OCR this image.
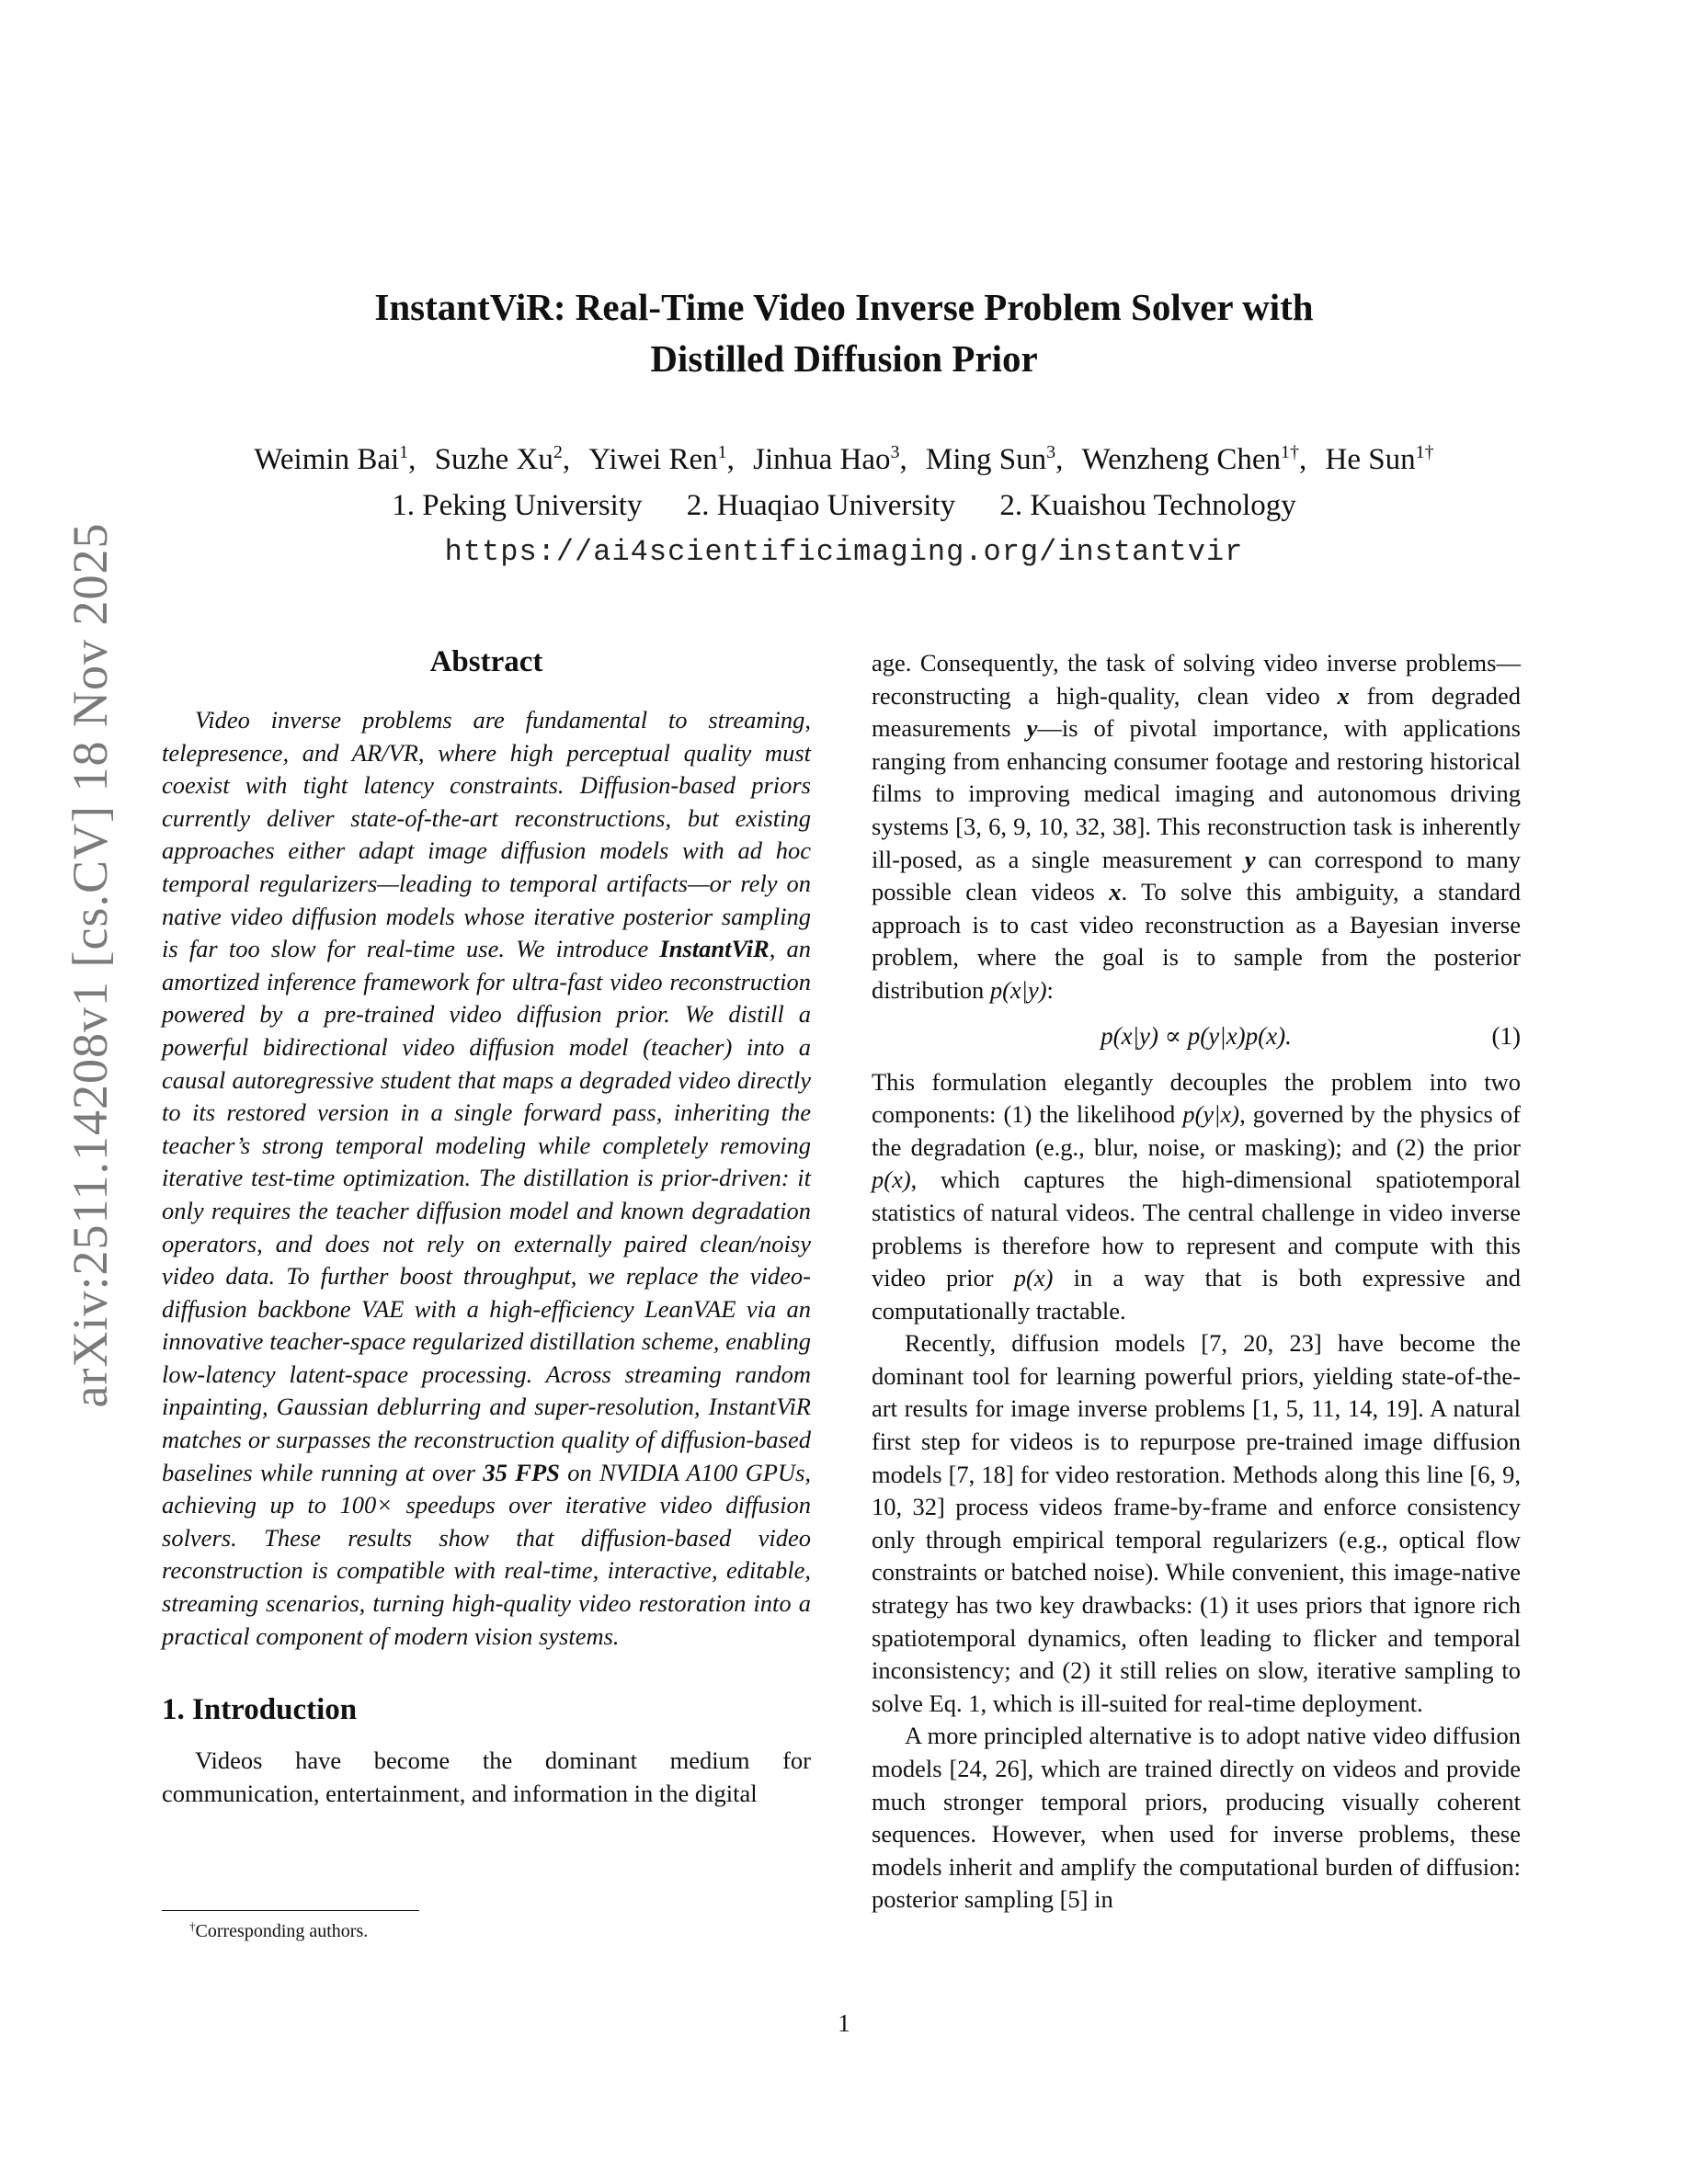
arXiv:2511.14208v1 [cs.CV] 18 Nov 2025
InstantViR: Real-Time Video Inverse Problem Solver with
Distilled Diffusion Prior
Weimin Bai$^1$, Suzhe Xu$^2$, Yiwei Ren$^1$, Jinhua Hao$^3$, Ming Sun$^3$, Wenzheng Chen$^{1\dagger}$, He Sun$^{1\dagger}$
1. Peking University 2. Huaqiao University 2. Kuaishou Technology
https://ai4scientificimaging.org/instantvir
Abstract

Video inverse problems are fundamental to streaming, telepresence, and AR/VR, where high perceptual quality must coexist with tight latency constraints. Diffusion-based priors currently deliver state-of-the-art reconstructions, but existing approaches either adapt image diffusion models with ad hoc temporal regularizers—leading to temporal artifacts—or rely on native video diffusion models whose iterative posterior sampling is far too slow for real-time use. We introduce InstantViR, an amortized inference framework for ultra-fast video reconstruction powered by a pre-trained video diffusion prior. We distill a powerful bidirectional video diffusion model (teacher) into a causal autoregressive student that maps a degraded video directly to its restored version in a single forward pass, inheriting the teacher’s strong temporal modeling while completely removing iterative test-time optimization. The distillation is prior-driven: it only requires the teacher diffusion model and known degradation operators, and does not rely on externally paired clean/noisy video data. To further boost throughput, we replace the video-diffusion backbone VAE with a high-efficiency LeanVAE via an innovative teacher-space regularized distillation scheme, enabling low-latency latent-space processing. Across streaming random inpainting, Gaussian deblurring and super-resolution, InstantViR matches or surpasses the reconstruction quality of diffusion-based baselines while running at over 35 FPS on NVIDIA A100 GPUs, achieving up to 100× speedups over iterative video diffusion solvers. These results show that diffusion-based video reconstruction is compatible with real-time, interactive, editable, streaming scenarios, turning high-quality video restoration into a practical component of modern vision systems.

1. Introduction

Videos have become the dominant medium for communication, entertainment, and information in the digital

age. Consequently, the task of solving video inverse problems—reconstructing a high-quality, clean video x from degraded measurements y—is of pivotal importance, with applications ranging from enhancing consumer footage and restoring historical films to improving medical imaging and autonomous driving systems [3, 6, 9, 10, 32, 38]. This reconstruction task is inherently ill-posed, as a single measurement y can correspond to many possible clean videos x. To solve this ambiguity, a standard approach is to cast video reconstruction as a Bayesian inverse problem, where the goal is to sample from the posterior distribution p(x|y):

p(x|y) ∝ p(y|x)p(x).	(1)

This formulation elegantly decouples the problem into two components: (1) the likelihood p(y|x), governed by the physics of the degradation (e.g., blur, noise, or masking); and (2) the prior p(x), which captures the high-dimensional spatiotemporal statistics of natural videos. The central challenge in video inverse problems is therefore how to represent and compute with this video prior p(x) in a way that is both expressive and computationally tractable.

Recently, diffusion models [7, 20, 23] have become the dominant tool for learning powerful priors, yielding state-of-the-art results for image inverse problems [1, 5, 11, 14, 19]. A natural first step for videos is to repurpose pre-trained image diffusion models [7, 18] for video restoration. Methods along this line [6, 9, 10, 32] process videos frame-by-frame and enforce consistency only through empirical temporal regularizers (e.g., optical flow constraints or batched noise). While convenient, this image-native strategy has two key drawbacks: (1) it uses priors that ignore rich spatiotemporal dynamics, often leading to flicker and temporal inconsistency; and (2) it still relies on slow, iterative sampling to solve Eq. 1, which is ill-suited for real-time deployment.

A more principled alternative is to adopt native video diffusion models [24, 26], which are trained directly on videos and provide much stronger temporal priors, producing visually coherent sequences. However, when used for inverse problems, these models inherit and amplify the computational burden of diffusion: posterior sampling [5] in

†Corresponding authors.
1
